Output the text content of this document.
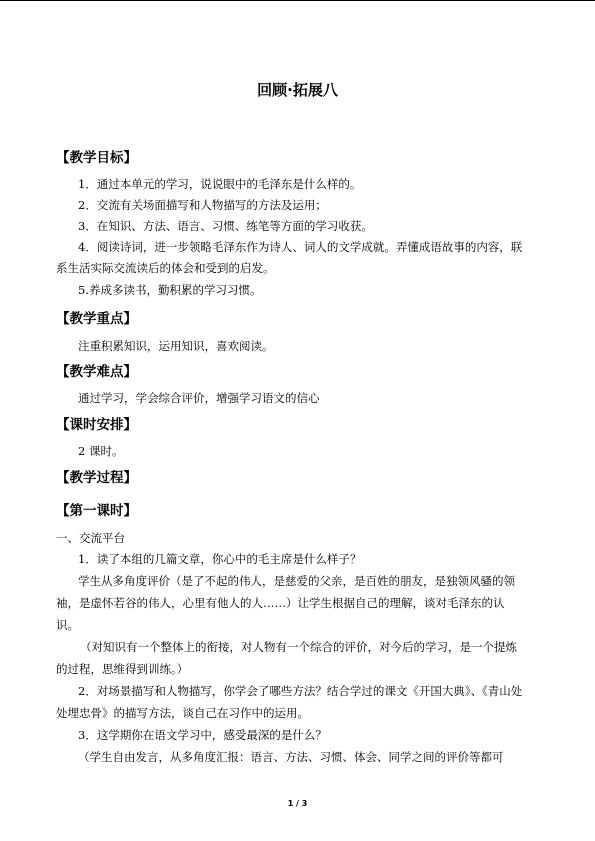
回顾·拓展八
【教学目标】
1．通过本单元的学习，说说眼中的毛泽东是什么样的。
2．交流有关场面描写和人物描写的方法及运用；
3．在知识、方法、语言、习惯、练笔等方面的学习收获。
4．阅读诗词，进一步领略毛泽东作为诗人、词人的文学成就。弄懂成语故事的内容，联
系生活实际交流读后的体会和受到的启发。
5.养成多读书，勤积累的学习习惯。
【教学重点】
注重积累知识，运用知识，喜欢阅读。
【教学难点】
通过学习，学会综合评价，增强学习语文的信心
【课时安排】
2 课时。
【教学过程】
【第一课时】
一、交流平台
1．读了本组的几篇文章，你心中的毛主席是什么样子？
学生从多角度评价（是了不起的伟人，是慈爱的父亲，是百姓的朋友，是独领风骚的领
袖，是虚怀若谷的伟人，心里有他人的人……）让学生根据自己的理解，谈对毛泽东的认
识。
（对知识有一个整体上的衔接，对人物有一个综合的评价，对今后的学习，是一个提炼
的过程，思维得到训练。）
2．对场景描写和人物描写，你学会了哪些方法？结合学过的课文《开国大典》、《青山处
处埋忠骨》的描写方法，谈自己在习作中的运用。
3．这学期你在语文学习中，感受最深的是什么？
（学生自由发言，从多角度汇报：语言、方法、习惯、体会、同学之间的评价等都可
1 / 3
